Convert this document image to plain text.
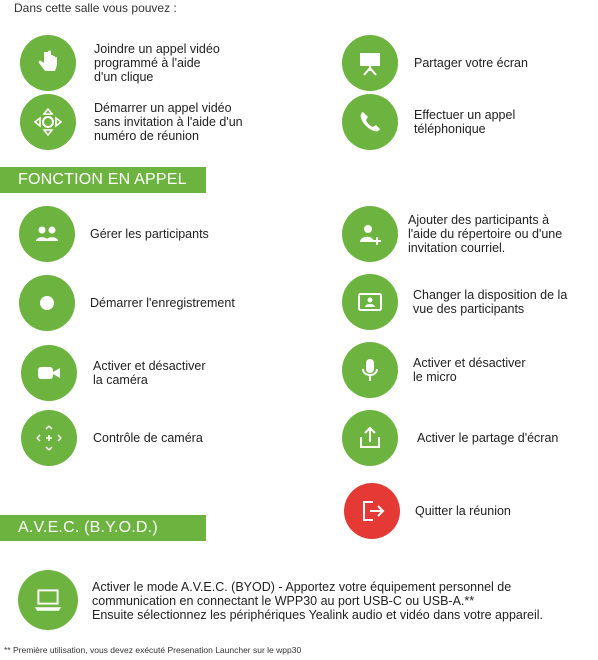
Dans cette salle vous pouvez :
Joindre un appel vidéo
programmé à l'aide
d'un clique
Démarrer un appel vidéo
sans invitation à l'aide d'un
numéro de réunion
Partager votre écran
Effectuer un appel
téléphonique
FONCTION EN APPEL
Gérer les participants
Démarrer l'enregistrement
Activer et désactiver
la caméra
Contrôle de caméra
Ajouter des participants à
l'aide du répertoire ou d'une
invitation courriel.
Changer la disposition de la
vue des participants
Activer et désactiver
le micro
Activer le partage d'écran
Quitter la réunion
A.V.E.C. (B.Y.O.D.)
Activer le mode A.V.E.C. (BYOD) - Apportez votre équipement personnel de
communication en connectant le WPP30 au port USB-C ou USB-A.**
Ensuite sélectionnez les périphériques Yealink audio et vidéo dans votre appareil.
** Première utilisation, vous devez exécuté Presenation Launcher sur le wpp30
